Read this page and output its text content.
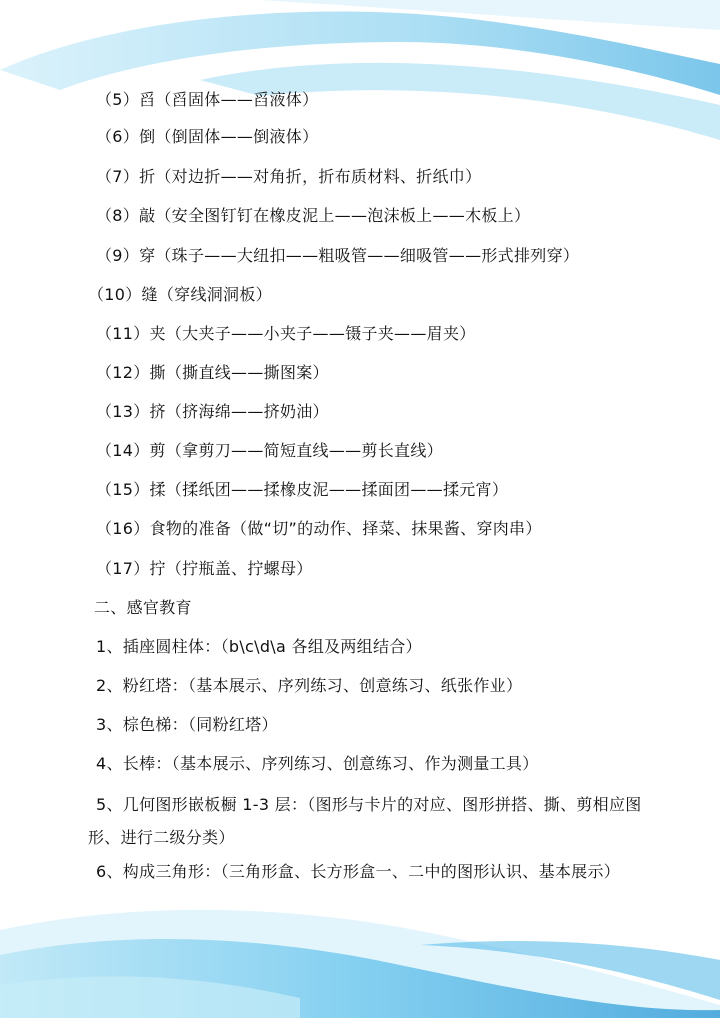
（5）舀（舀固体——舀液体）
（6）倒（倒固体——倒液体）
（7）折（对边折——对角折，折布质材料、折纸巾）
（8）敲（安全图钉钉在橡皮泥上——泡沫板上——木板上）
（9）穿（珠子——大纽扣——粗吸管——细吸管——形式排列穿）
（10）缝（穿线洞洞板）
（11）夹（大夹子——小夹子——镊子夹——眉夹）
（12）撕（撕直线——撕图案）
（13）挤（挤海绵——挤奶油）
（14）剪（拿剪刀——简短直线——剪长直线）
（15）揉（揉纸团——揉橡皮泥——揉面团——揉元宵）
（16）食物的准备（做“切”的动作、择菜、抹果酱、穿肉串）
（17）拧（拧瓶盖、拧螺母）
二、感官教育
1、插座圆柱体：（b\c\d\a 各组及两组结合）
2、粉红塔：（基本展示、序列练习、创意练习、纸张作业）
3、棕色梯：（同粉红塔）
4、长棒：（基本展示、序列练习、创意练习、作为测量工具）
5、几何图形嵌板橱 1-3 层：（图形与卡片的对应、图形拼搭、撕、剪相应图形、进行二级分类）
6、构成三角形：（三角形盒、长方形盒一、二中的图形认识、基本展示）
